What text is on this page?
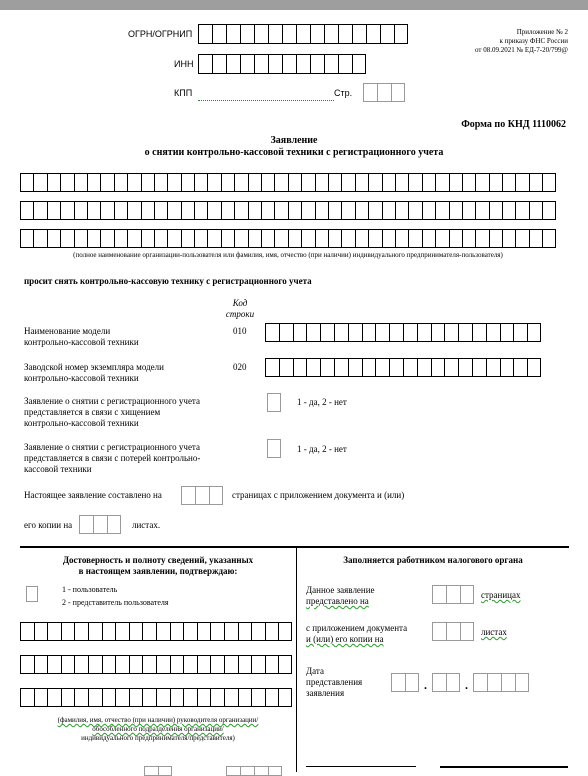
ОГРН/ОГРНИП
ИНН
КПП	Стр.
Приложение № 2
к приказу ФНС России
от 08.09.2021 № ЕД-7-20/799@
Форма по КНД 1110062
Заявление
о снятии контрольно-кассовой техники с регистрационного учета
(полное наименование организации-пользователя или фамилия, имя, отчество (при наличии) индивидуального предпринимателя-пользователя)
просит снять контрольно-кассовую технику с регистрационного учета
Код строки
Наименование модели контрольно-кассовой техники
010
Заводской номер экземпляра модели контрольно-кассовой техники
020
Заявление о снятии с регистрационного учета представляется в связи с хищением контрольно-кассовой техники
1 - да, 2 - нет
Заявление о снятии с регистрационного учета представляется в связи с потерей контрольно-кассовой техники
1 - да, 2 - нет
Настоящее заявление составлено на	страницах с приложением документа и (или)
его копии на	листах.
Достоверность и полноту сведений, указанных
в настоящем заявлении, подтверждаю:
1 - пользователь
2 - представитель пользователя
(фамилия, имя, отчество (при наличии) руководителя организации/
обособленного подразделения организации/
индивидуального предпринимателя/представителя)
Заполняется работником налогового органа
Данное заявление
представлено на
страницах
с приложением документа
и (или) его копии на
листах
Дата
представления
заявления
.	.
